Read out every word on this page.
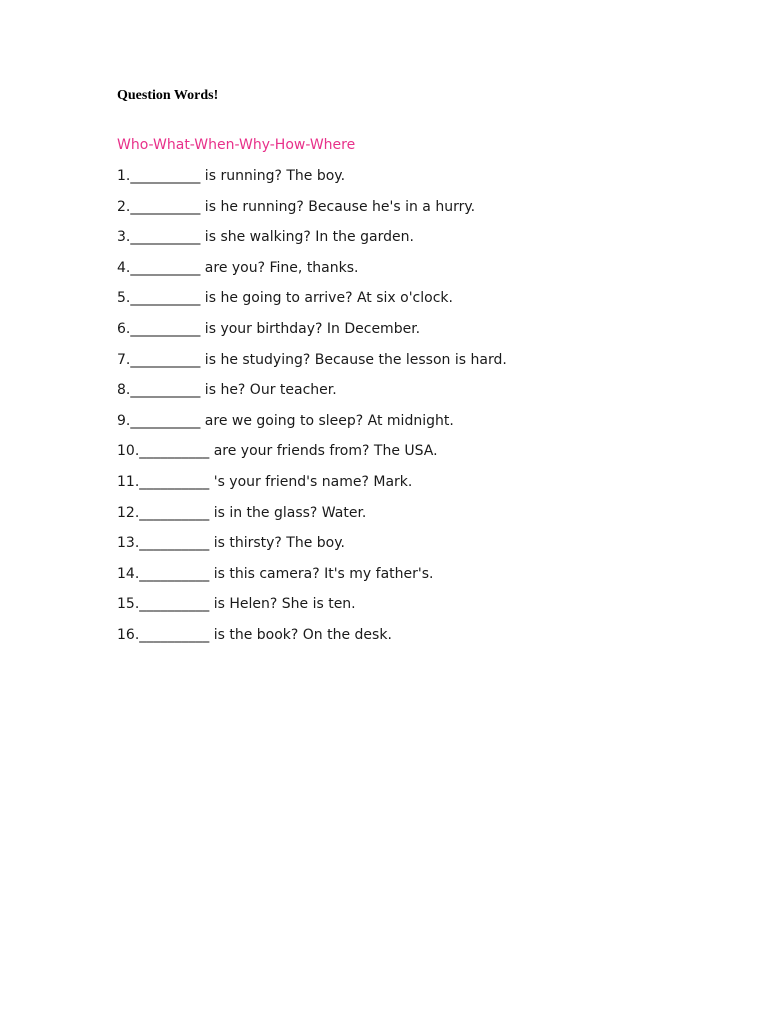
Question Words!

Who-What-When-Why-How-Where

1.__________ is running? The boy.
2.__________ is he running? Because he's in a hurry.
3.__________ is she walking? In the garden.
4.__________ are you? Fine, thanks.
5.__________ is he going to arrive? At six o'clock.
6.__________ is your birthday? In December.
7.__________ is he studying? Because the lesson is hard.
8.__________ is he? Our teacher.
9.__________ are we going to sleep? At midnight.
10.__________ are your friends from? The USA.
11.__________ 's your friend's name? Mark.
12.__________ is in the glass? Water.
13.__________ is thirsty? The boy.
14.__________ is this camera? It's my father's.
15.__________ is Helen? She is ten.
16.__________ is the book? On the desk.
